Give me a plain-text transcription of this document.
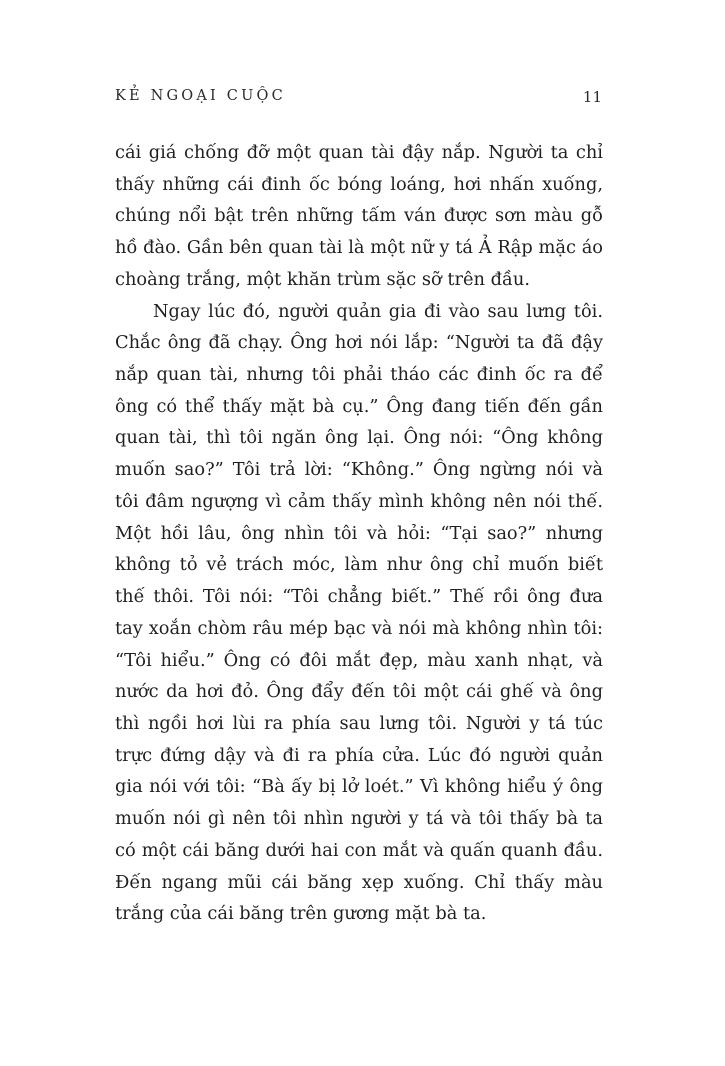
KẺ NGOẠI CUỘC	11
cái giá chống đỡ một quan tài đậy nắp. Người ta chỉ
thấy những cái đinh ốc bóng loáng, hơi nhấn xuống,
chúng nổi bật trên những tấm ván được sơn màu gỗ
hồ đào. Gần bên quan tài là một nữ y tá Ả Rập mặc áo
choàng trắng, một khăn trùm sặc sỡ trên đầu.
Ngay lúc đó, người quản gia đi vào sau lưng tôi.
Chắc ông đã chạy. Ông hơi nói lắp: “Người ta đã đậy
nắp quan tài, nhưng tôi phải tháo các đinh ốc ra để
ông có thể thấy mặt bà cụ.” Ông đang tiến đến gần
quan tài, thì tôi ngăn ông lại. Ông nói: “Ông không
muốn sao?” Tôi trả lời: “Không.” Ông ngừng nói và
tôi đâm ngượng vì cảm thấy mình không nên nói thế.
Một hồi lâu, ông nhìn tôi và hỏi: “Tại sao?” nhưng
không tỏ vẻ trách móc, làm như ông chỉ muốn biết
thế thôi. Tôi nói: “Tôi chẳng biết.” Thế rồi ông đưa
tay xoắn chòm râu mép bạc và nói mà không nhìn tôi:
“Tôi hiểu.” Ông có đôi mắt đẹp, màu xanh nhạt, và
nước da hơi đỏ. Ông đẩy đến tôi một cái ghế và ông
thì ngồi hơi lùi ra phía sau lưng tôi. Người y tá túc
trực đứng dậy và đi ra phía cửa. Lúc đó người quản
gia nói với tôi: “Bà ấy bị lở loét.” Vì không hiểu ý ông
muốn nói gì nên tôi nhìn người y tá và tôi thấy bà ta
có một cái băng dưới hai con mắt và quấn quanh đầu.
Đến ngang mũi cái băng xẹp xuống. Chỉ thấy màu
trắng của cái băng trên gương mặt bà ta.
